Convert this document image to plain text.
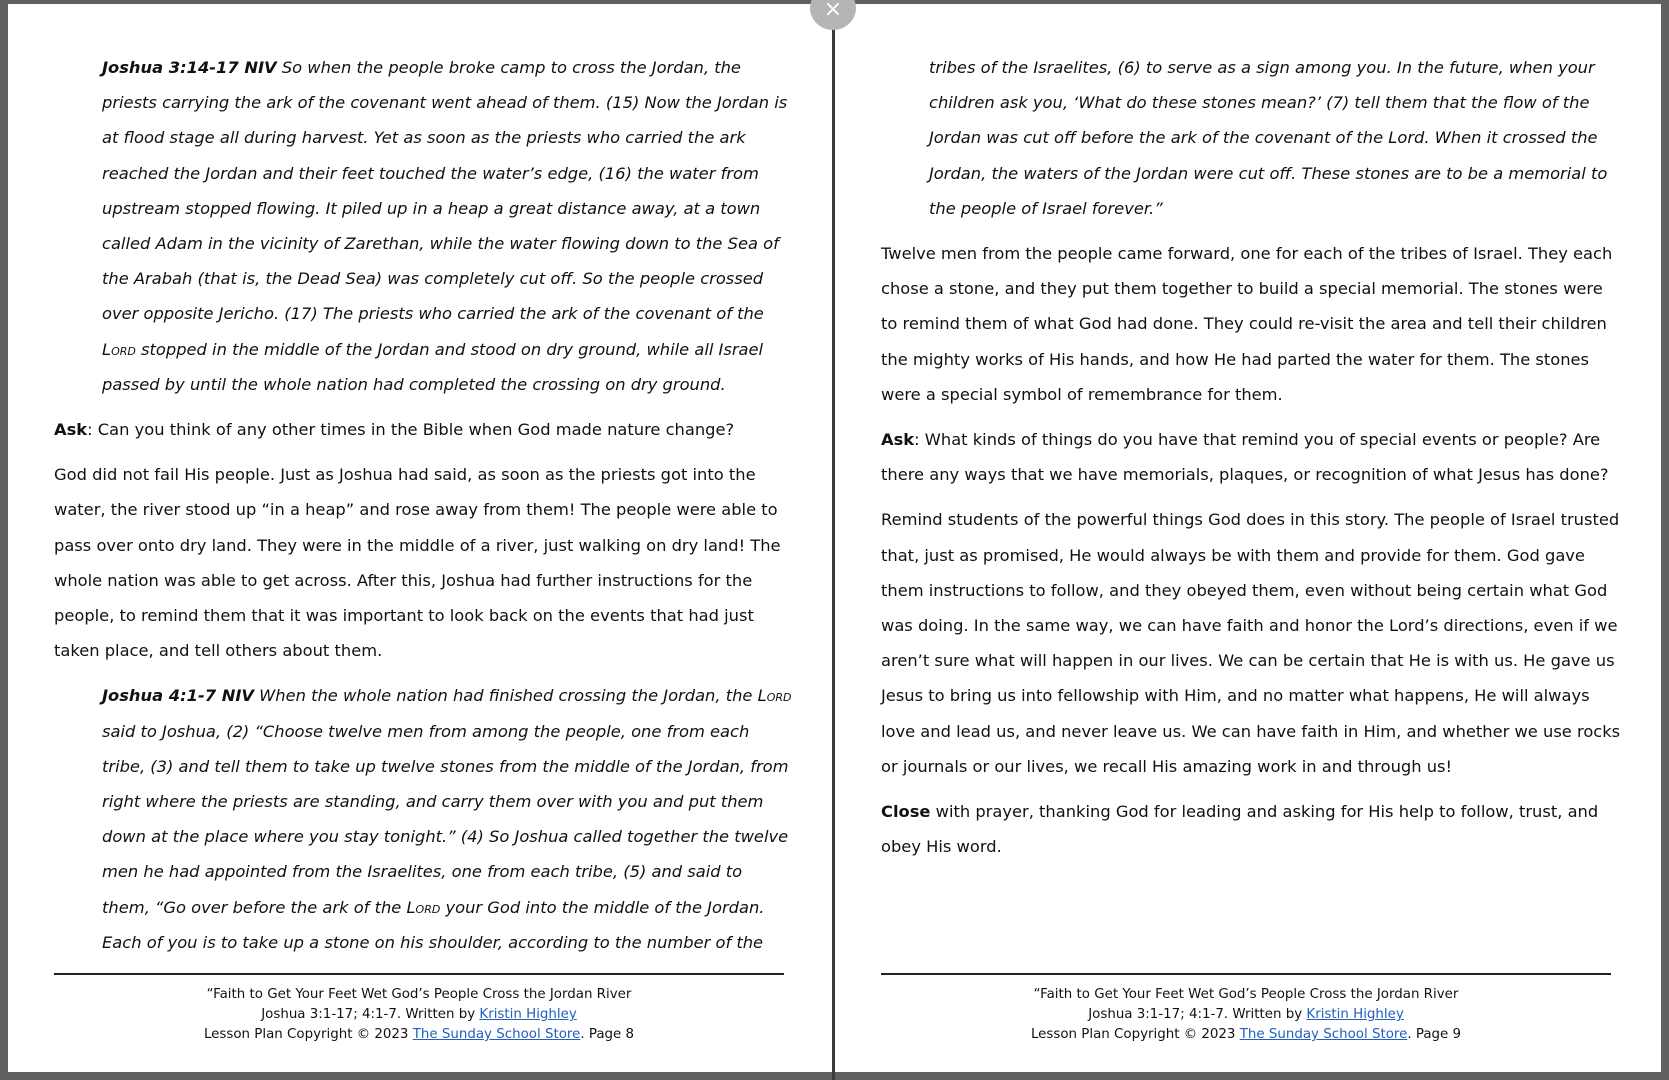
Joshua 3:14-17 NIV So when the people broke camp to cross the Jordan, the priests carrying the ark of the covenant went ahead of them. (15) Now the Jordan is at flood stage all during harvest. Yet as soon as the priests who carried the ark reached the Jordan and their feet touched the water’s edge, (16) the water from upstream stopped flowing. It piled up in a heap a great distance away, at a town called Adam in the vicinity of Zarethan, while the water flowing down to the Sea of the Arabah (that is, the Dead Sea) was completely cut off. So the people crossed over opposite Jericho. (17) The priests who carried the ark of the covenant of the Lord stopped in the middle of the Jordan and stood on dry ground, while all Israel passed by until the whole nation had completed the crossing on dry ground.

Ask: Can you think of any other times in the Bible when God made nature change?

God did not fail His people. Just as Joshua had said, as soon as the priests got into the water, the river stood up “in a heap” and rose away from them! The people were able to pass over onto dry land. They were in the middle of a river, just walking on dry land! The whole nation was able to get across. After this, Joshua had further instructions for the people, to remind them that it was important to look back on the events that had just taken place, and tell others about them.

Joshua 4:1-7 NIV When the whole nation had finished crossing the Jordan, the Lord said to Joshua, (2) “Choose twelve men from among the people, one from each tribe, (3) and tell them to take up twelve stones from the middle of the Jordan, from right where the priests are standing, and carry them over with you and put them down at the place where you stay tonight.” (4) So Joshua called together the twelve men he had appointed from the Israelites, one from each tribe, (5) and said to them, “Go over before the ark of the Lord your God into the middle of the Jordan. Each of you is to take up a stone on his shoulder, according to the number of the

“Faith to Get Your Feet Wet God’s People Cross the Jordan River
Joshua 3:1-17; 4:1-7. Written by Kristin Highley
Lesson Plan Copyright © 2023 The Sunday School Store. Page 8

tribes of the Israelites, (6) to serve as a sign among you. In the future, when your children ask you, ‘What do these stones mean?’ (7) tell them that the flow of the Jordan was cut off before the ark of the covenant of the Lord. When it crossed the Jordan, the waters of the Jordan were cut off. These stones are to be a memorial to the people of Israel forever.”

Twelve men from the people came forward, one for each of the tribes of Israel. They each chose a stone, and they put them together to build a special memorial. The stones were to remind them of what God had done. They could re-visit the area and tell their children the mighty works of His hands, and how He had parted the water for them. The stones were a special symbol of remembrance for them.

Ask: What kinds of things do you have that remind you of special events or people? Are there any ways that we have memorials, plaques, or recognition of what Jesus has done?

Remind students of the powerful things God does in this story. The people of Israel trusted that, just as promised, He would always be with them and provide for them. God gave them instructions to follow, and they obeyed them, even without being certain what God was doing. In the same way, we can have faith and honor the Lord’s directions, even if we aren’t sure what will happen in our lives. We can be certain that He is with us. He gave us Jesus to bring us into fellowship with Him, and no matter what happens, He will always love and lead us, and never leave us. We can have faith in Him, and whether we use rocks or journals or our lives, we recall His amazing work in and through us!

Close with prayer, thanking God for leading and asking for His help to follow, trust, and obey His word.

“Faith to Get Your Feet Wet God’s People Cross the Jordan River
Joshua 3:1-17; 4:1-7. Written by Kristin Highley
Lesson Plan Copyright © 2023 The Sunday School Store. Page 9
×
